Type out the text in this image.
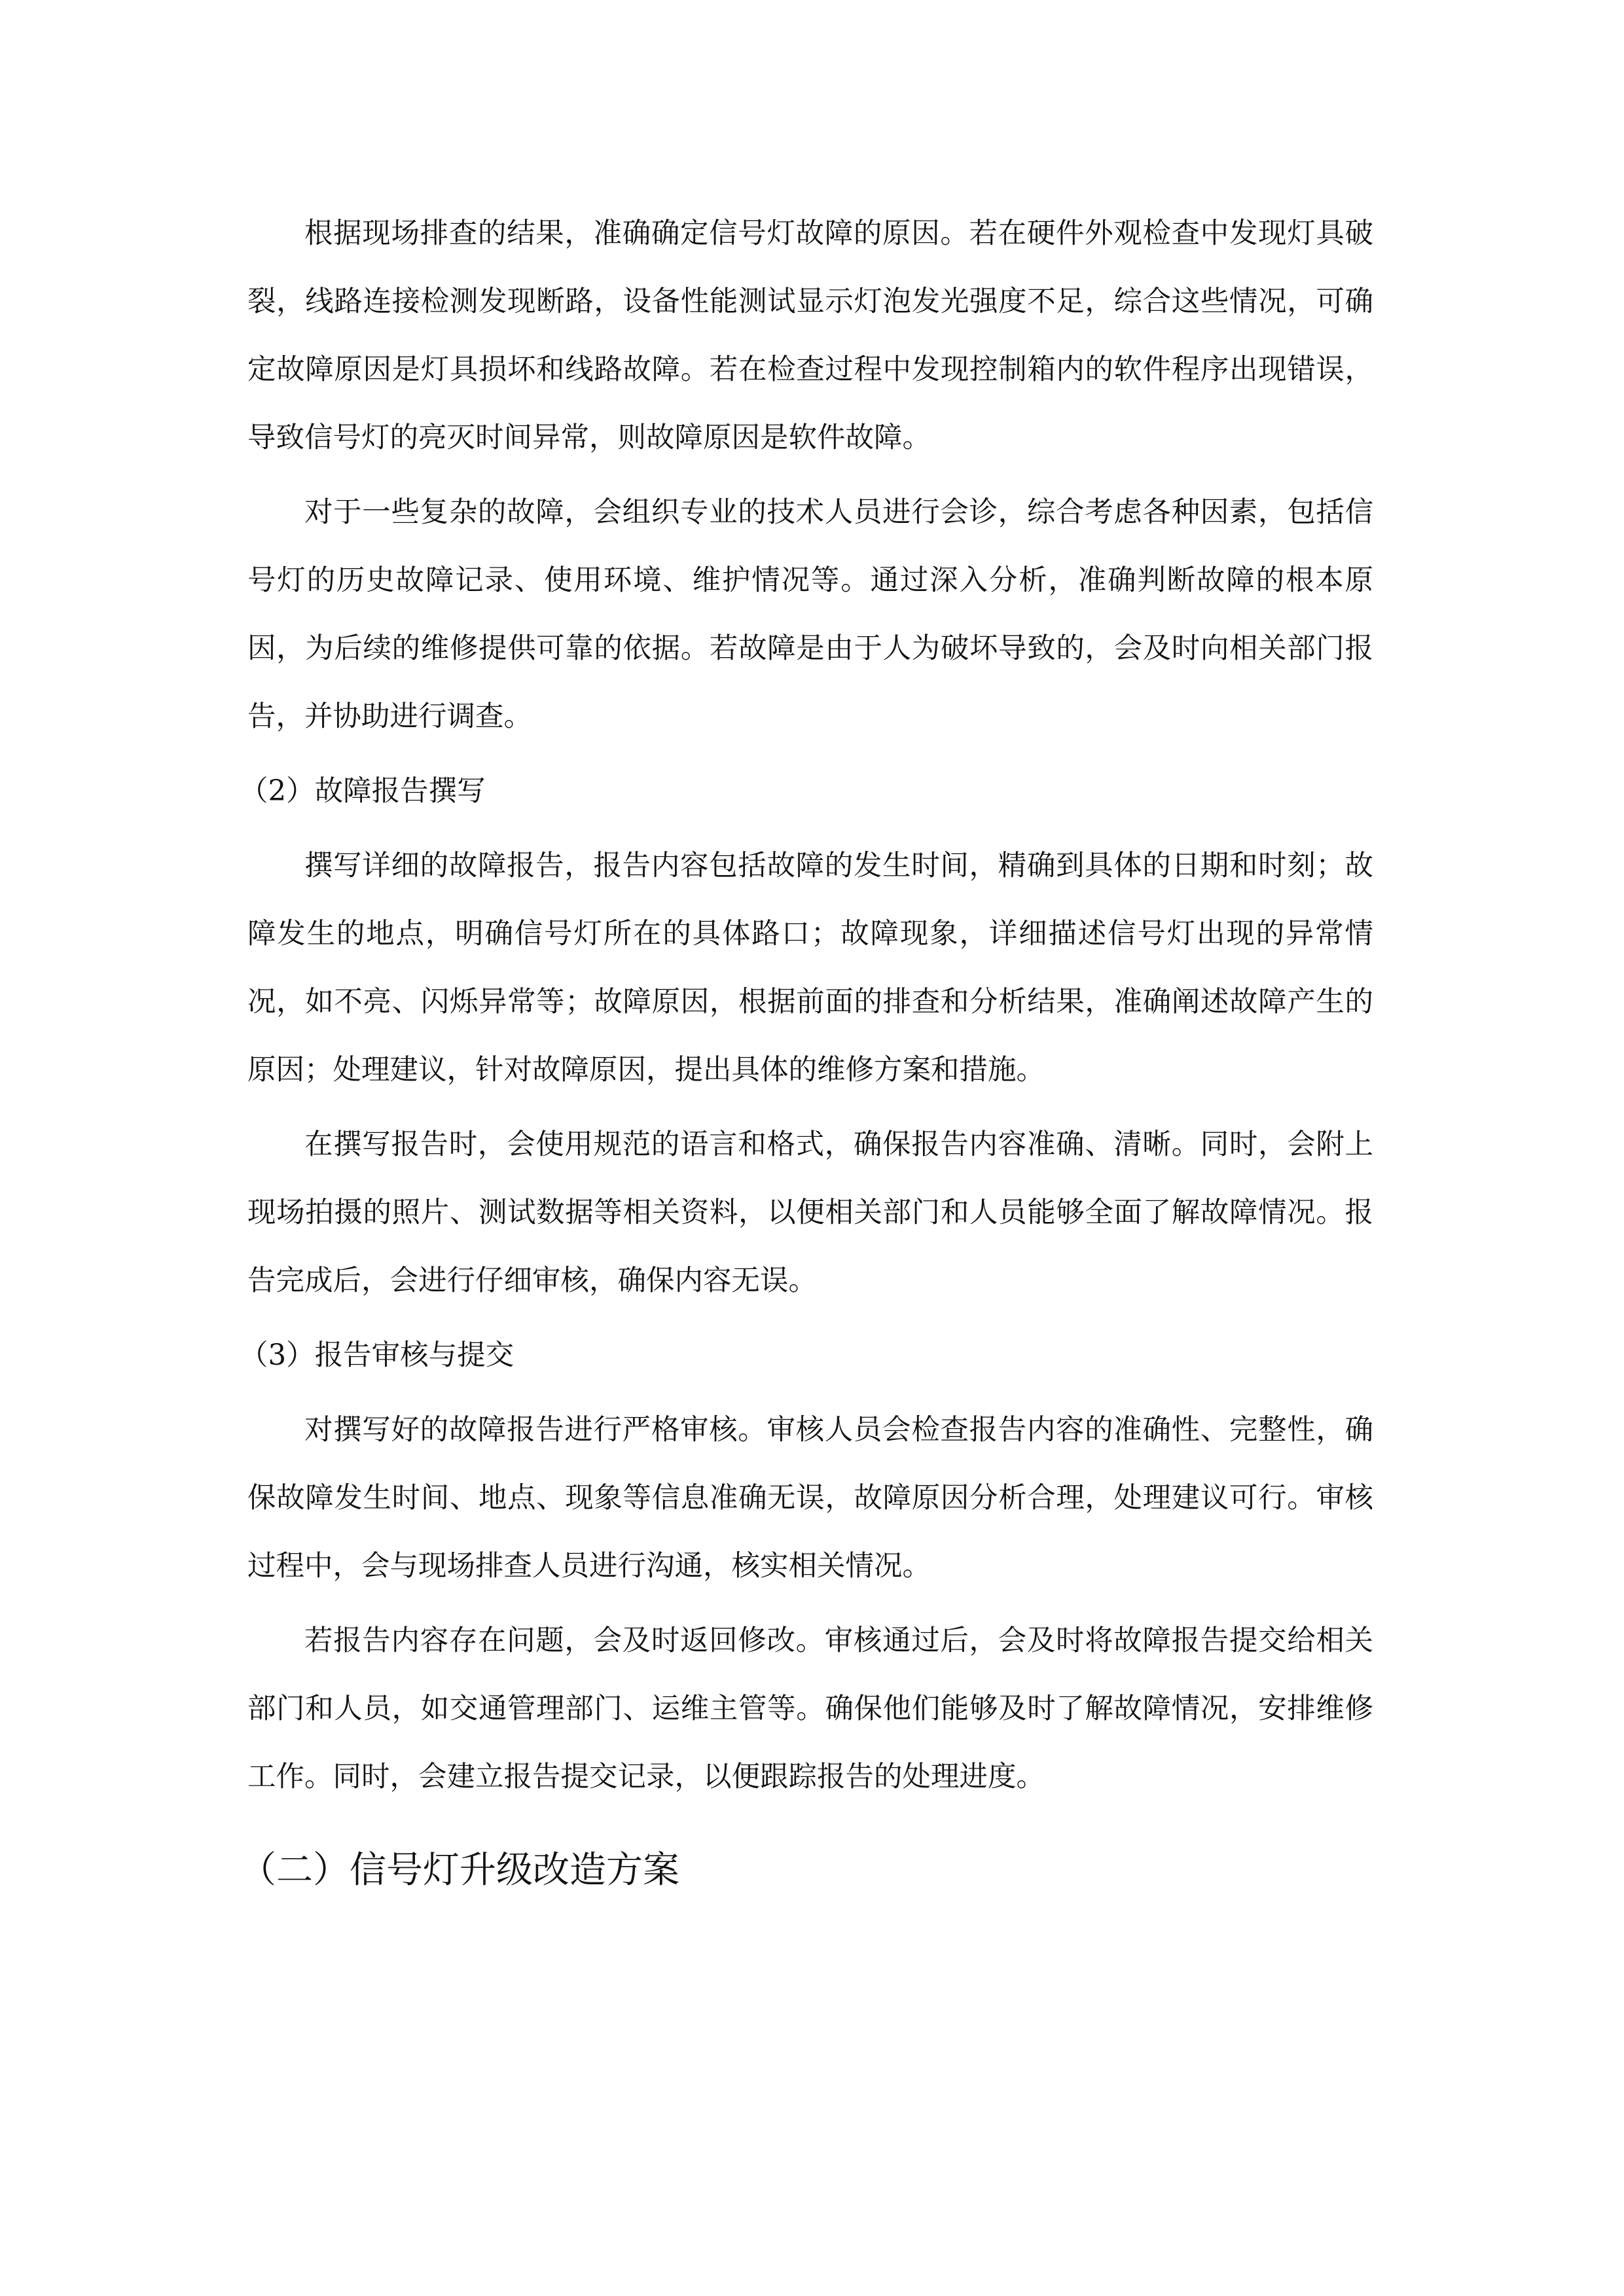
根据现场排查的结果，准确确定信号灯故障的原因。若在硬件外观检查中发现灯具破裂，线路连接检测发现断路，设备性能测试显示灯泡发光强度不足，综合这些情况，可确定故障原因是灯具损坏和线路故障。若在检查过程中发现控制箱内的软件程序出现错误，导致信号灯的亮灭时间异常，则故障原因是软件故障。

对于一些复杂的故障，会组织专业的技术人员进行会诊，综合考虑各种因素，包括信号灯的历史故障记录、使用环境、维护情况等。通过深入分析，准确判断故障的根本原因，为后续的维修提供可靠的依据。若故障是由于人为破坏导致的，会及时向相关部门报告，并协助进行调查。

（2）故障报告撰写

撰写详细的故障报告，报告内容包括故障的发生时间，精确到具体的日期和时刻；故障发生的地点，明确信号灯所在的具体路口；故障现象，详细描述信号灯出现的异常情况，如不亮、闪烁异常等；故障原因，根据前面的排查和分析结果，准确阐述故障产生的原因；处理建议，针对故障原因，提出具体的维修方案和措施。

在撰写报告时，会使用规范的语言和格式，确保报告内容准确、清晰。同时，会附上现场拍摄的照片、测试数据等相关资料，以便相关部门和人员能够全面了解故障情况。报告完成后，会进行仔细审核，确保内容无误。

（3）报告审核与提交

对撰写好的故障报告进行严格审核。审核人员会检查报告内容的准确性、完整性，确保故障发生时间、地点、现象等信息准确无误，故障原因分析合理，处理建议可行。审核过程中，会与现场排查人员进行沟通，核实相关情况。

若报告内容存在问题，会及时返回修改。审核通过后，会及时将故障报告提交给相关部门和人员，如交通管理部门、运维主管等。确保他们能够及时了解故障情况，安排维修工作。同时，会建立报告提交记录，以便跟踪报告的处理进度。

（二）信号灯升级改造方案
